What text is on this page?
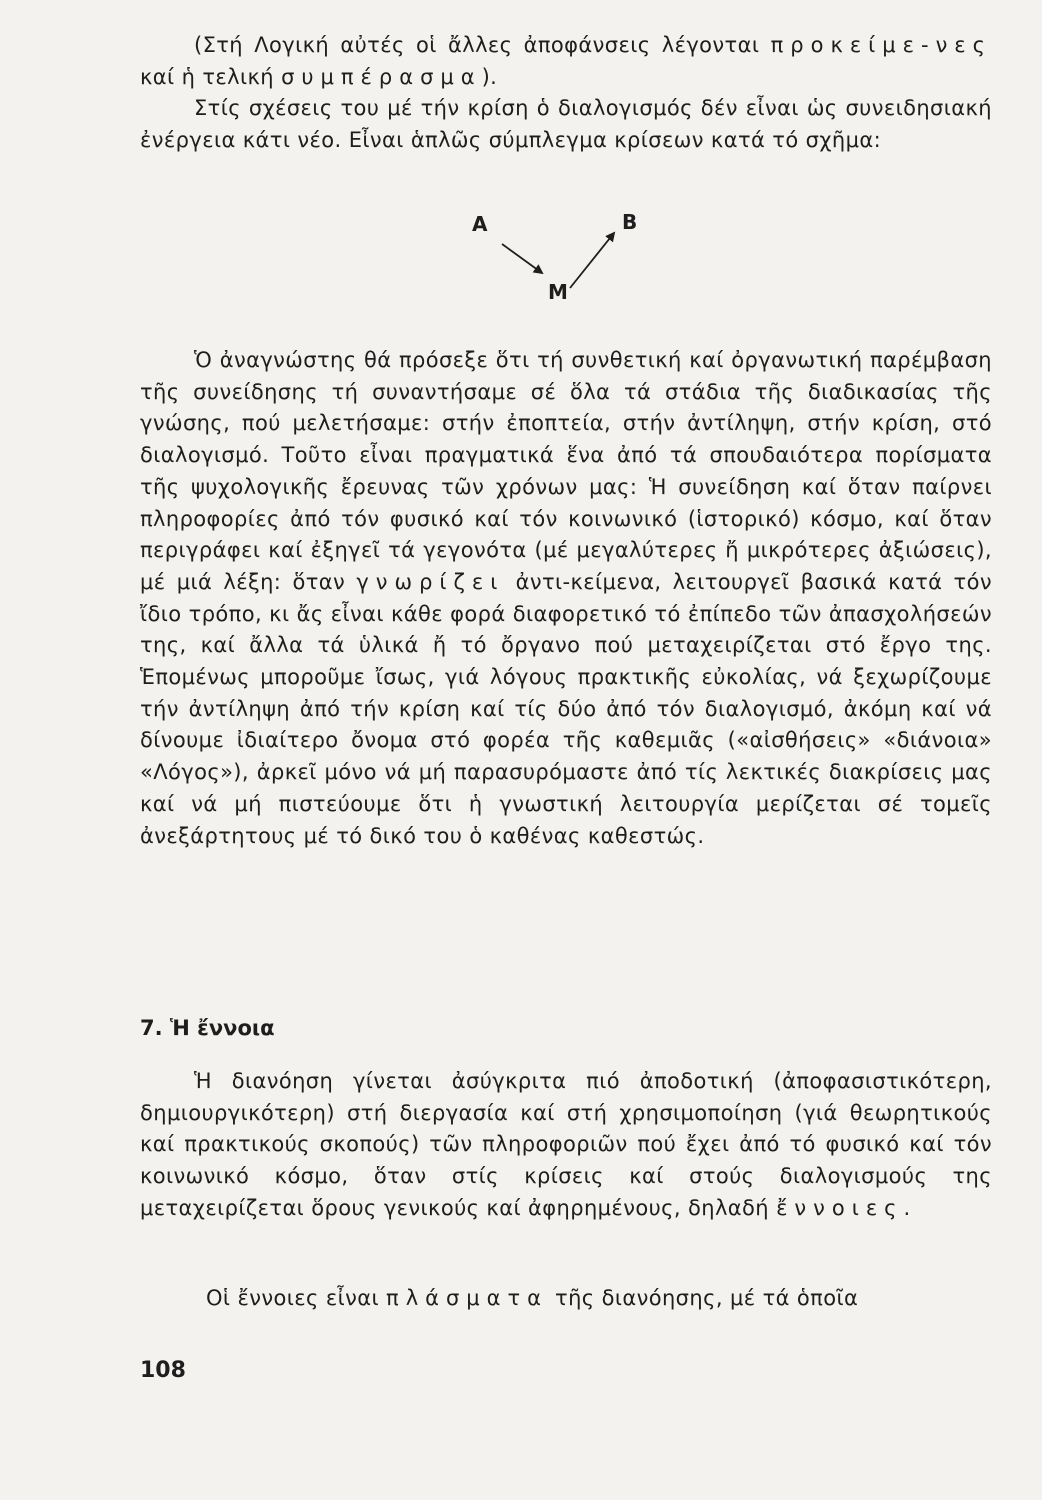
(Στή Λογική αὐτές οἱ ἄλλες ἀποφάνσεις λέγονται προκείμε-νες καί ἡ τελική συμπέρασμα).

Στίς σχέσεις του μέ τήν κρίση ὁ διαλογισμός δέν εἶναι ὡς συνειδησιακή ἐνέργεια κάτι νέο. Εἶναι ἁπλῶς σύμπλεγμα κρίσεων κατά τό σχῆμα:

A	B
M

Ὁ ἀναγνώστης θά πρόσεξε ὅτι τή συνθετική καί ὀργανωτική παρέμβαση τῆς συνείδησης τή συναντήσαμε σέ ὅλα τά στάδια τῆς διαδικασίας τῆς γνώσης, πού μελετήσαμε: στήν ἐποπτεία, στήν ἀντίληψη, στήν κρίση, στό διαλογισμό. Τοῦτο εἶναι πραγματικά ἕνα ἀπό τά σπουδαιότερα πορίσματα τῆς ψυχολογικῆς ἔρευνας τῶν χρόνων μας: Ἡ συνείδηση καί ὅταν παίρνει πληροφορίες ἀπό τόν φυσικό καί τόν κοινωνικό (ἱστορικό) κόσμο, καί ὅταν περιγράφει καί ἐξηγεῖ τά γεγονότα (μέ μεγαλύτερες ἤ μικρότερες ἀξιώσεις), μέ μιά λέξη: ὅταν γνωρίζει ἀντι-κείμενα, λειτουργεῖ βασικά κατά τόν ἴδιο τρόπο, κι ἄς εἶναι κάθε φορά διαφορετικό τό ἐπίπεδο τῶν ἀπασχολήσεών της, καί ἄλλα τά ὑλικά ἤ τό ὄργανο πού μεταχειρίζεται στό ἔργο της. Ἑπομένως μποροῦμε ἴσως, γιά λόγους πρακτικῆς εὐκολίας, νά ξεχωρίζουμε τήν ἀντίληψη ἀπό τήν κρίση καί τίς δύο ἀπό τόν διαλογισμό, ἀκόμη καί νά δίνουμε ἰδιαίτερο ὄνομα στό φορέα τῆς καθεμιᾶς («αἰσθήσεις» «διάνοια» «Λόγος»), ἀρκεῖ μόνο νά μή παρασυρόμαστε ἀπό τίς λεκτικές διακρίσεις μας καί νά μή πιστεύουμε ὅτι ἡ γνωστική λειτουργία μερίζεται σέ τομεῖς ἀνεξάρτητους μέ τό δικό του ὁ καθένας καθεστώς.

7. Ἡ ἔννοια

Ἡ διανόηση γίνεται ἀσύγκριτα πιό ἀποδοτική (ἀποφασιστικότερη, δημιουργικότερη) στή διεργασία καί στή χρησιμοποίηση (γιά θεωρητικούς καί πρακτικούς σκοπούς) τῶν πληροφοριῶν πού ἔχει ἀπό τό φυσικό καί τόν κοινωνικό κόσμο, ὅταν στίς κρίσεις καί στούς διαλογισμούς της μεταχειρίζεται ὅρους γενικούς καί ἀφηρημένους, δηλαδή ἔννοιες.

Οἱ ἔννοιες εἶναι πλάσματα τῆς διανόησης, μέ τά ὁποῖα

108
